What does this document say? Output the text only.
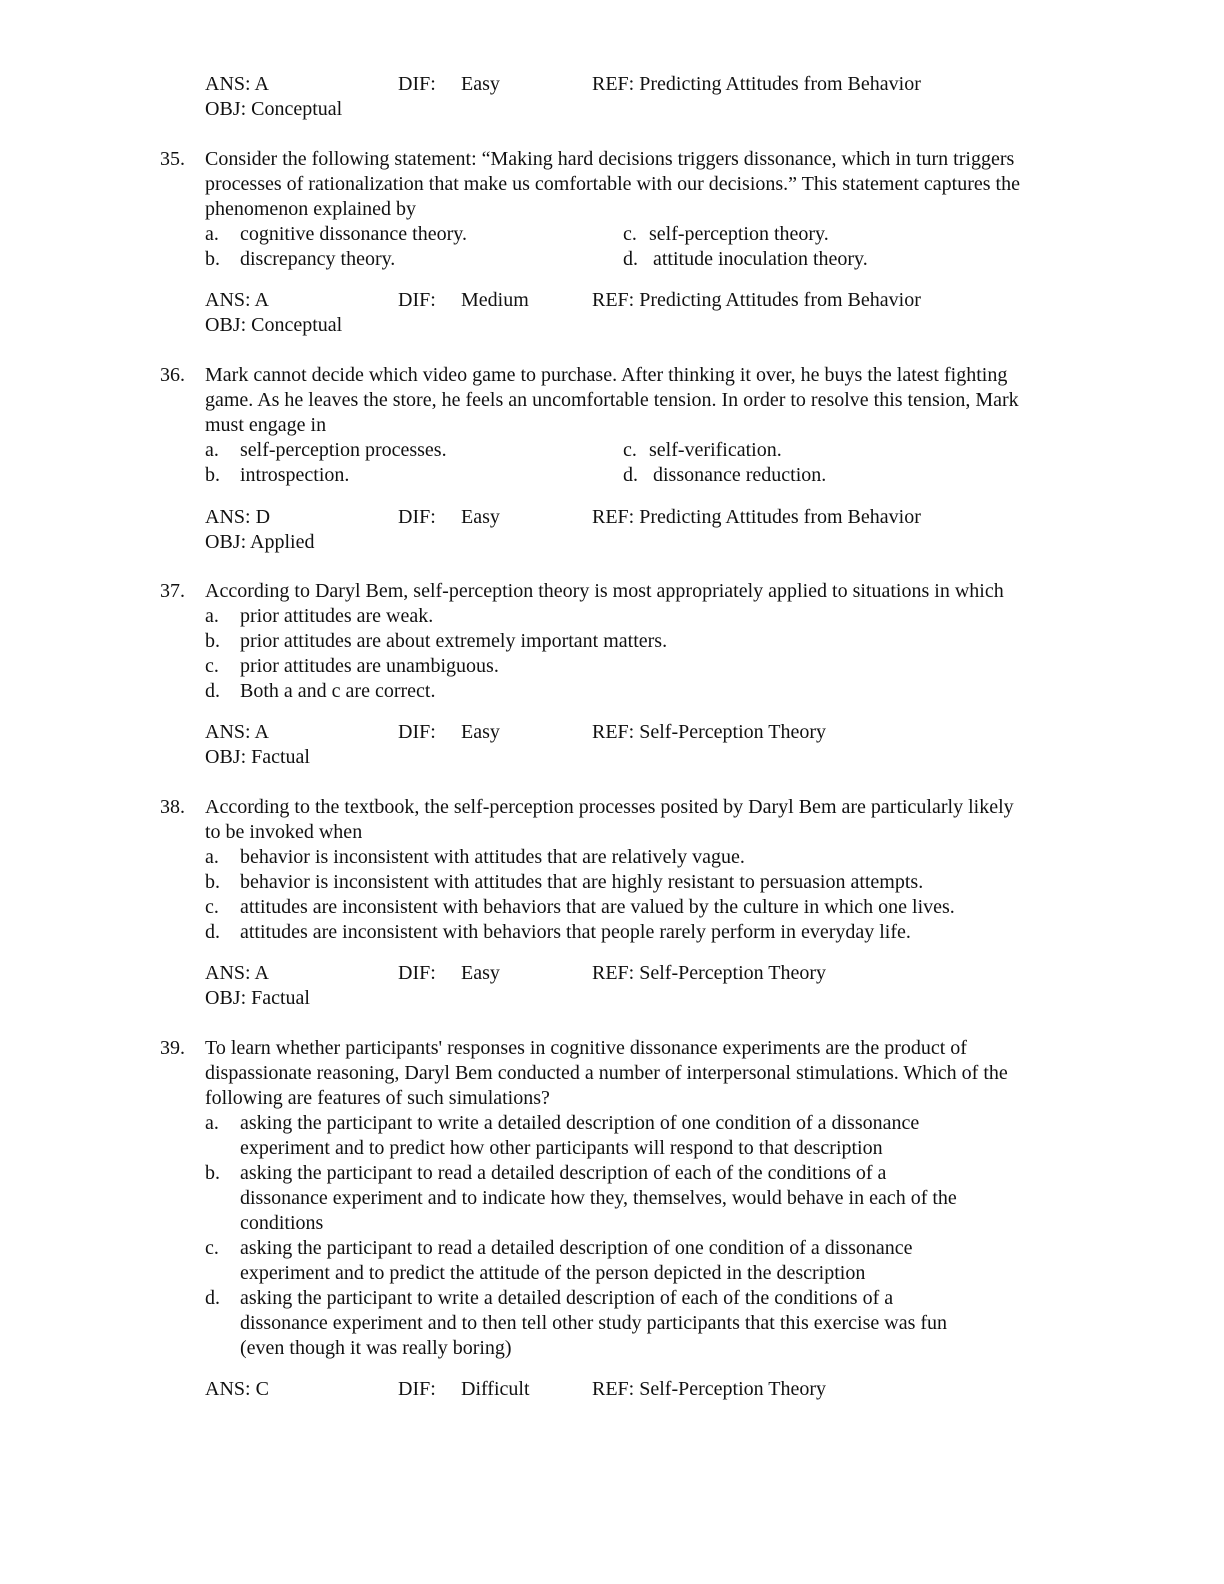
ANS: A	DIF: Easy	REF: Predicting Attitudes from Behavior
OBJ: Conceptual
35. Consider the following statement: “Making hard decisions triggers dissonance, which in turn triggers
processes of rationalization that make us comfortable with our decisions.” This statement captures the
phenomenon explained by
a. cognitive dissonance theory.	c. self-perception theory.
b. discrepancy theory.	d. attitude inoculation theory.
ANS: A	DIF: Medium	REF: Predicting Attitudes from Behavior
OBJ: Conceptual
36. Mark cannot decide which video game to purchase. After thinking it over, he buys the latest fighting
game. As he leaves the store, he feels an uncomfortable tension. In order to resolve this tension, Mark
must engage in
a. self-perception processes.	c. self-verification.
b. introspection.	d. dissonance reduction.
ANS: D	DIF: Easy	REF: Predicting Attitudes from Behavior
OBJ: Applied
37. According to Daryl Bem, self-perception theory is most appropriately applied to situations in which
a. prior attitudes are weak.
b. prior attitudes are about extremely important matters.
c. prior attitudes are unambiguous.
d. Both a and c are correct.
ANS: A	DIF: Easy	REF: Self-Perception Theory
OBJ: Factual
38. According to the textbook, the self-perception processes posited by Daryl Bem are particularly likely
to be invoked when
a. behavior is inconsistent with attitudes that are relatively vague.
b. behavior is inconsistent with attitudes that are highly resistant to persuasion attempts.
c. attitudes are inconsistent with behaviors that are valued by the culture in which one lives.
d. attitudes are inconsistent with behaviors that people rarely perform in everyday life.
ANS: A	DIF: Easy	REF: Self-Perception Theory
OBJ: Factual
39. To learn whether participants' responses in cognitive dissonance experiments are the product of
dispassionate reasoning, Daryl Bem conducted a number of interpersonal stimulations. Which of the
following are features of such simulations?
a. asking the participant to write a detailed description of one condition of a dissonance
experiment and to predict how other participants will respond to that description
b. asking the participant to read a detailed description of each of the conditions of a
dissonance experiment and to indicate how they, themselves, would behave in each of the
conditions
c. asking the participant to read a detailed description of one condition of a dissonance
experiment and to predict the attitude of the person depicted in the description
d. asking the participant to write a detailed description of each of the conditions of a
dissonance experiment and to then tell other study participants that this exercise was fun
(even though it was really boring)
ANS: C	DIF: Difficult	REF: Self-Perception Theory
